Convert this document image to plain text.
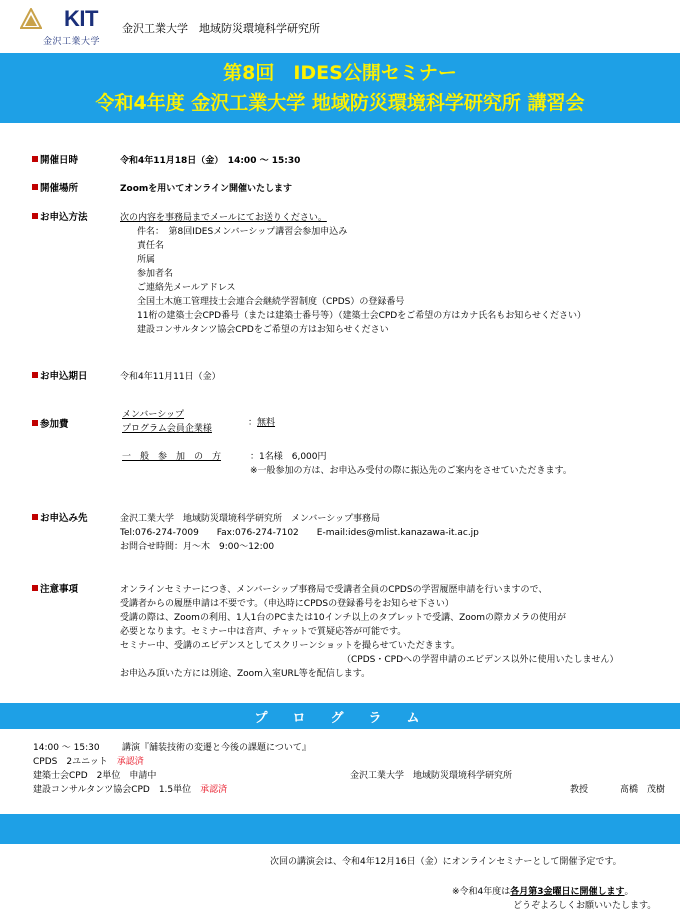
KIT
金沢工業大学
金沢工業大学　地域防災環境科学研究所
第8回　IDES公開セミナー
令和4年度 金沢工業大学 地域防災環境科学研究所 講習会
開催日時	令和4年11月18日（金）　14:00 〜 15:30
開催場所	Zoomを用いてオンライン開催いたします
お申込方法	次の内容を事務局までメールにてお送りください。
件名：　第8回IDESメンバーシップ講習会参加申込み
責任名
所属
参加者名
ご連絡先メールアドレス
全国土木施工管理技士会連合会継続学習制度（CPDS）の登録番号
11桁の建築士会CPD番号（または建築士番号等）（建築士会CPDをご希望の方はカナ氏名もお知らせください）
建設コンサルタンツ協会CPDをご希望の方はお知らせください
お申込期日	令和4年11月11日（金）
参加費
メンバーシップ
プログラム会員企業様
：無料
一　般　参　加　の　方	：1名様　6,000円
※一般参加の方は、お申込み受付の際に振込先のご案内をさせていただきます。
お申込み先	金沢工業大学　地域防災環境科学研究所　メンバーシップ事務局
Tel:076-274-7009　　Fax:076-274-7102　　E-mail:ides@mlist.kanazawa-it.ac.jp
お問合せ時間：月〜木　9:00〜12:00
注意事項	オンラインセミナーにつき、メンバーシップ事務局で受講者全員のCPDSの学習履歴申請を行いますので、
受講者からの履歴申請は不要です。（申込時にCPDSの登録番号をお知らせ下さい）
受講の際は、Zoomの利用、1人1台のPCまたは10インチ以上のタブレットで受講、Zoomの際カメラの使用が
必要となります。セミナー中は音声、チャットで質疑応答が可能です。
セミナー中、受講のエビデンスとしてスクリーンショットを撮らせていただきます。
（CPDS・CPDへの学習申請のエビデンス以外に使用いたしません）
お申込み頂いた方には別途、Zoom入室URL等を配信します。
プ　ロ　グ　ラ　ム
14:00 〜 15:30 講演『舗装技術の変遷と今後の課題について』
CPDS　2ユニット　 承認済
建築士会CPD　2単位　申請中	金沢工業大学　地域防災環境科学研究所
建設コンサルタンツ協会CPD　1.5単位　 承認済	教授	髙橋　茂樹
次回の講演会は、令和4年12月16日（金）にオンラインセミナーとして開催予定です。
※令和4年度は各月第3金曜日に開催します。
どうぞよろしくお願いいたします。
